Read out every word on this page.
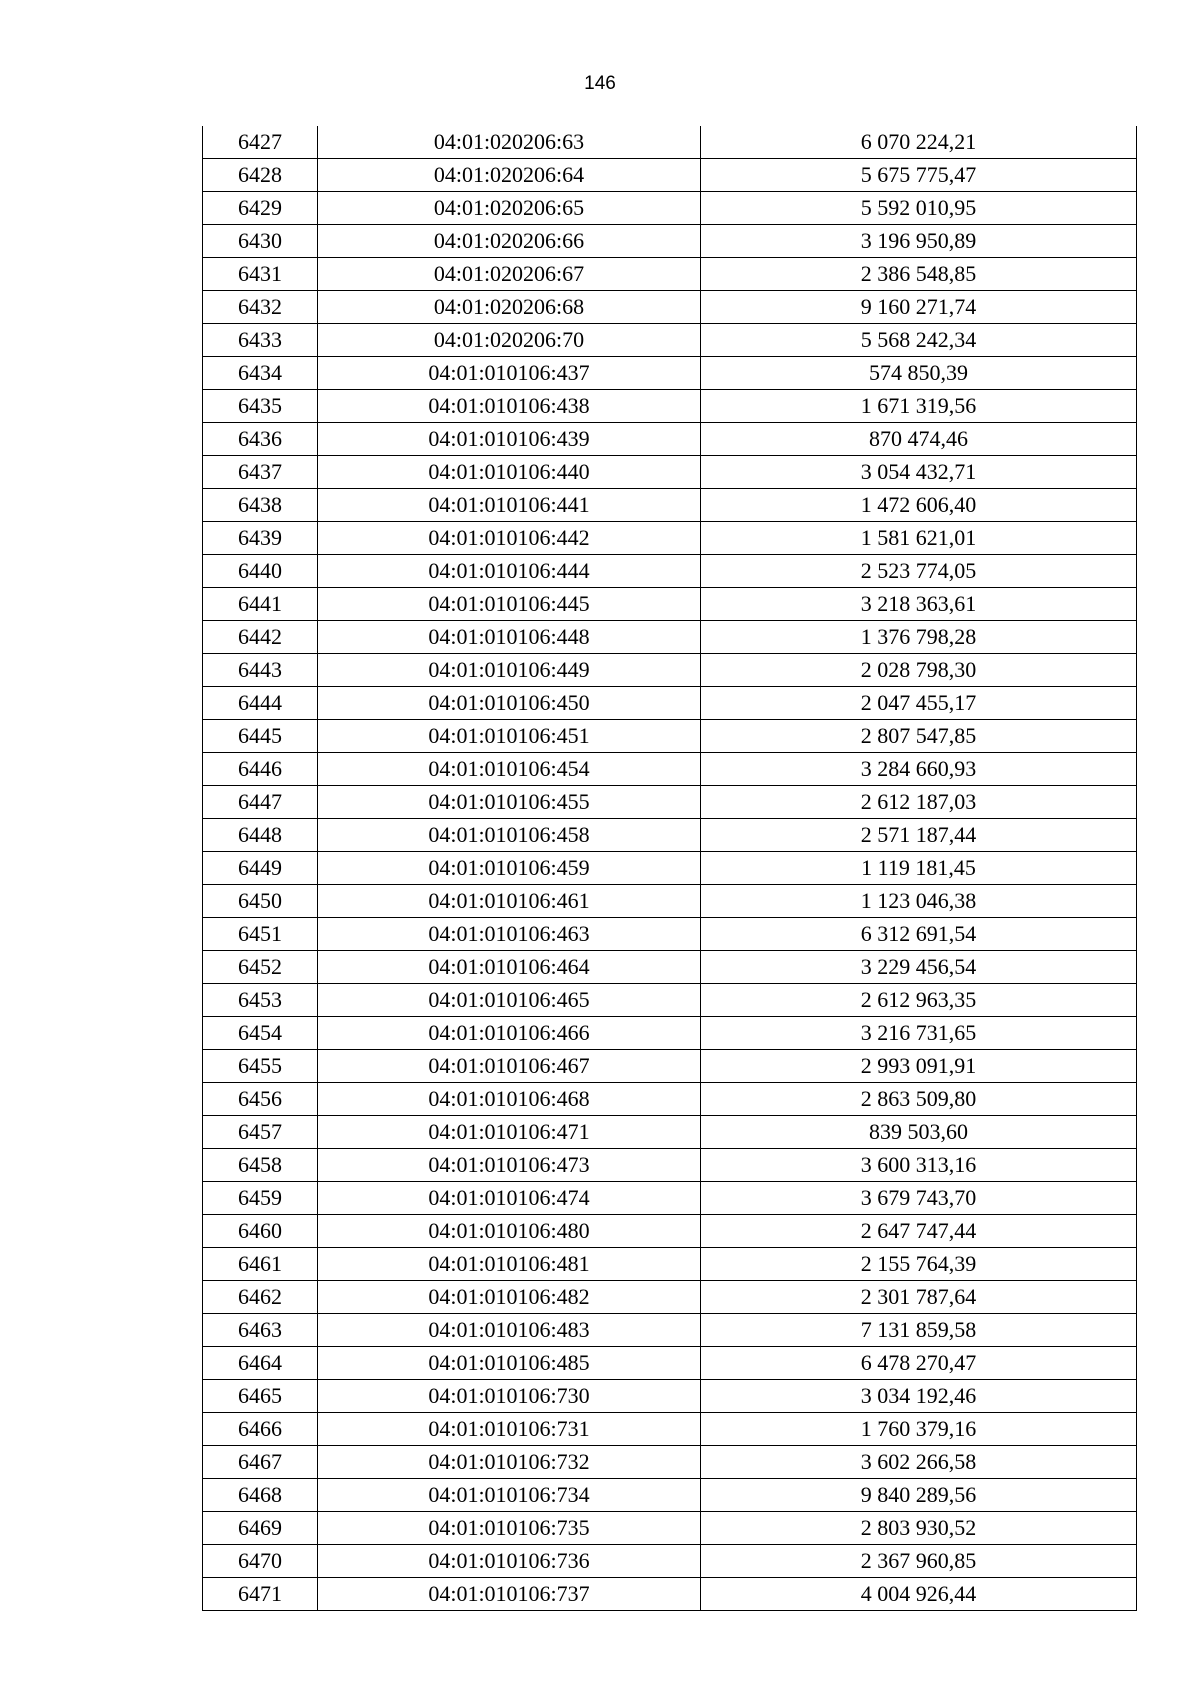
146
6427	04:01:020206:63	6 070 224,21
6428	04:01:020206:64	5 675 775,47
6429	04:01:020206:65	5 592 010,95
6430	04:01:020206:66	3 196 950,89
6431	04:01:020206:67	2 386 548,85
6432	04:01:020206:68	9 160 271,74
6433	04:01:020206:70	5 568 242,34
6434	04:01:010106:437	574 850,39
6435	04:01:010106:438	1 671 319,56
6436	04:01:010106:439	870 474,46
6437	04:01:010106:440	3 054 432,71
6438	04:01:010106:441	1 472 606,40
6439	04:01:010106:442	1 581 621,01
6440	04:01:010106:444	2 523 774,05
6441	04:01:010106:445	3 218 363,61
6442	04:01:010106:448	1 376 798,28
6443	04:01:010106:449	2 028 798,30
6444	04:01:010106:450	2 047 455,17
6445	04:01:010106:451	2 807 547,85
6446	04:01:010106:454	3 284 660,93
6447	04:01:010106:455	2 612 187,03
6448	04:01:010106:458	2 571 187,44
6449	04:01:010106:459	1 119 181,45
6450	04:01:010106:461	1 123 046,38
6451	04:01:010106:463	6 312 691,54
6452	04:01:010106:464	3 229 456,54
6453	04:01:010106:465	2 612 963,35
6454	04:01:010106:466	3 216 731,65
6455	04:01:010106:467	2 993 091,91
6456	04:01:010106:468	2 863 509,80
6457	04:01:010106:471	839 503,60
6458	04:01:010106:473	3 600 313,16
6459	04:01:010106:474	3 679 743,70
6460	04:01:010106:480	2 647 747,44
6461	04:01:010106:481	2 155 764,39
6462	04:01:010106:482	2 301 787,64
6463	04:01:010106:483	7 131 859,58
6464	04:01:010106:485	6 478 270,47
6465	04:01:010106:730	3 034 192,46
6466	04:01:010106:731	1 760 379,16
6467	04:01:010106:732	3 602 266,58
6468	04:01:010106:734	9 840 289,56
6469	04:01:010106:735	2 803 930,52
6470	04:01:010106:736	2 367 960,85
6471	04:01:010106:737	4 004 926,44
